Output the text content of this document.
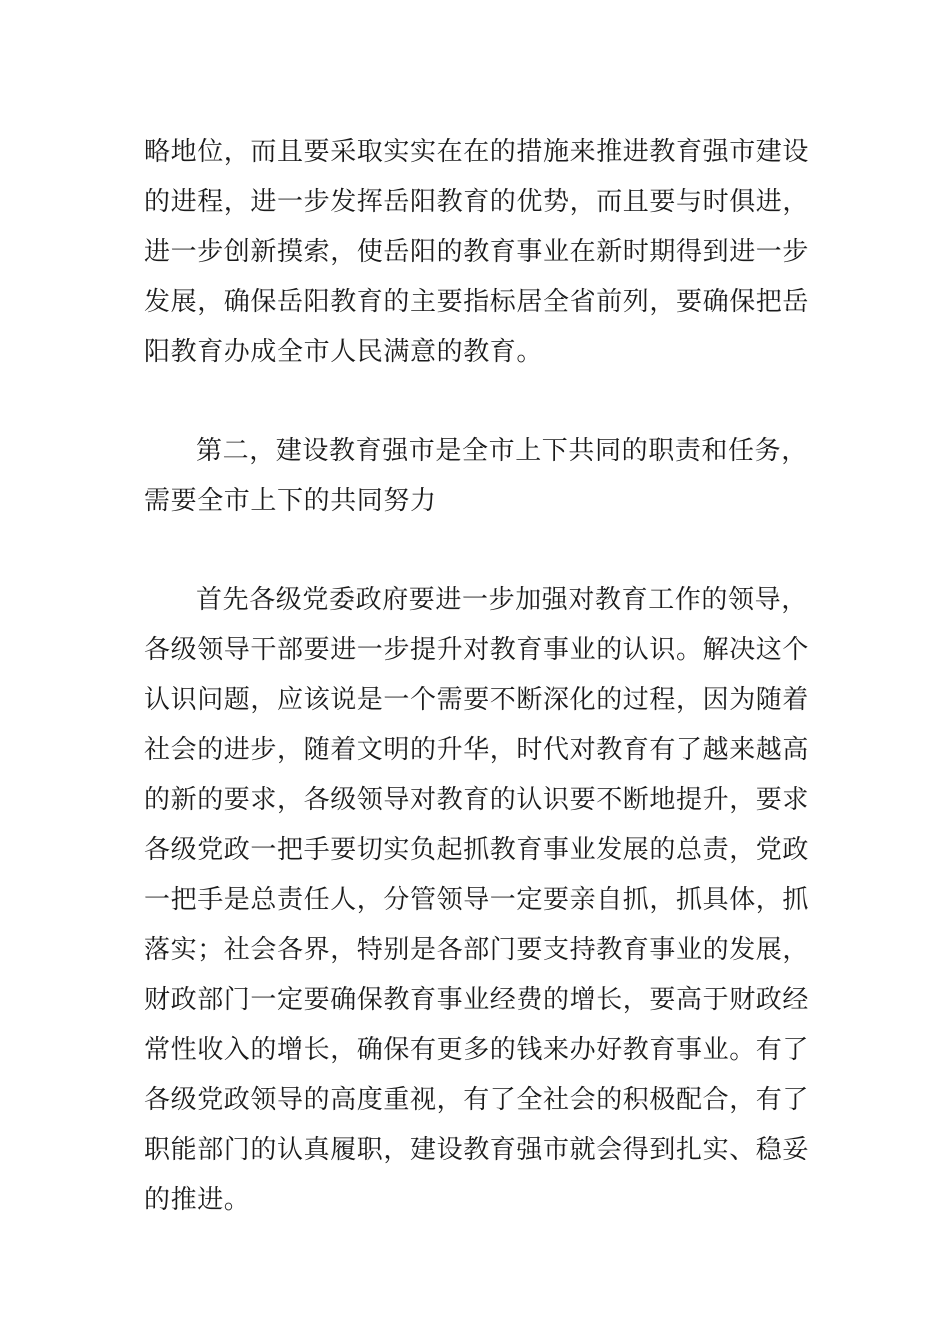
略地位，而且要采取实实在在的措施来推进教育强市建设
的进程，进一步发挥岳阳教育的优势，而且要与时俱进，
进一步创新摸索，使岳阳的教育事业在新时期得到进一步
发展，确保岳阳教育的主要指标居全省前列，要确保把岳
阳教育办成全市人民满意的教育。
第二，建设教育强市是全市上下共同的职责和任务，
需要全市上下的共同努力
首先各级党委政府要进一步加强对教育工作的领导，
各级领导干部要进一步提升对教育事业的认识。解决这个
认识问题，应该说是一个需要不断深化的过程，因为随着
社会的进步，随着文明的升华，时代对教育有了越来越高
的新的要求，各级领导对教育的认识要不断地提升，要求
各级党政一把手要切实负起抓教育事业发展的总责，党政
一把手是总责任人，分管领导一定要亲自抓，抓具体，抓
落实；社会各界，特别是各部门要支持教育事业的发展，
财政部门一定要确保教育事业经费的增长，要高于财政经
常性收入的增长，确保有更多的钱来办好教育事业。有了
各级党政领导的高度重视，有了全社会的积极配合，有了
职能部门的认真履职，建设教育强市就会得到扎实、稳妥
的推进。
